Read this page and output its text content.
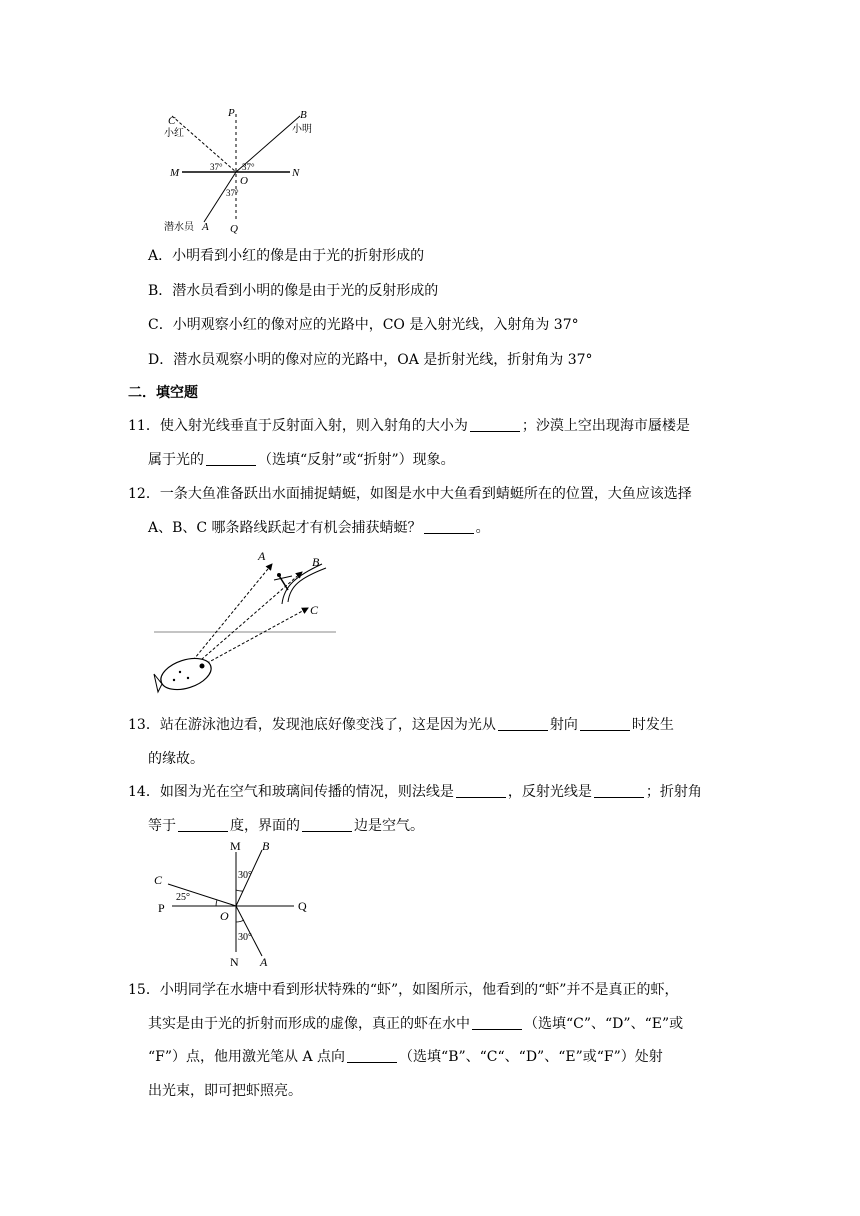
C
小红
P	B
小明
M	N
37° 37°
O
37°
潜水员 A Q
A．小明看到小红的像是由于光的折射形成的
B．潜水员看到小明的像是由于光的反射形成的
C．小明观察小红的像对应的光路中，CO 是入射光线，入射角为 37°
D．潜水员观察小明的像对应的光路中，OA 是折射光线，折射角为 37°
二．填空题
11．使入射光线垂直于反射面入射，则入射角的大小为	；沙漠上空出现海市蜃楼是
属于光的	（选填“反射”或“折射”）现象。
12．一条大鱼准备跃出水面捕捉蜻蜓，如图是水中大鱼看到蜻蜓所在的位置，大鱼应该选择
A、B、C 哪条路线跃起才有机会捕获蜻蜓？	。
A	B
C
13．站在游泳池边看，发现池底好像变浅了，这是因为光从	射向	时发生
的缘故。
14．如图为光在空气和玻璃间传播的情况，则法线是	，反射光线是	；折射角
等于	度，界面的	边是空气。
M B
30°
C
25°
P
O
Q
30°
N A
15．小明同学在水塘中看到形状特殊的“虾”，如图所示，他看到的“虾”并不是真正的虾，
其实是由于光的折射而形成的虚像，真正的虾在水中	（选填“C”、“D”、“E”或
“F”）点，他用激光笔从 A 点向	（选填“B”、“C“、“D”、“E”或“F”）处射
出光束，即可把虾照亮。
